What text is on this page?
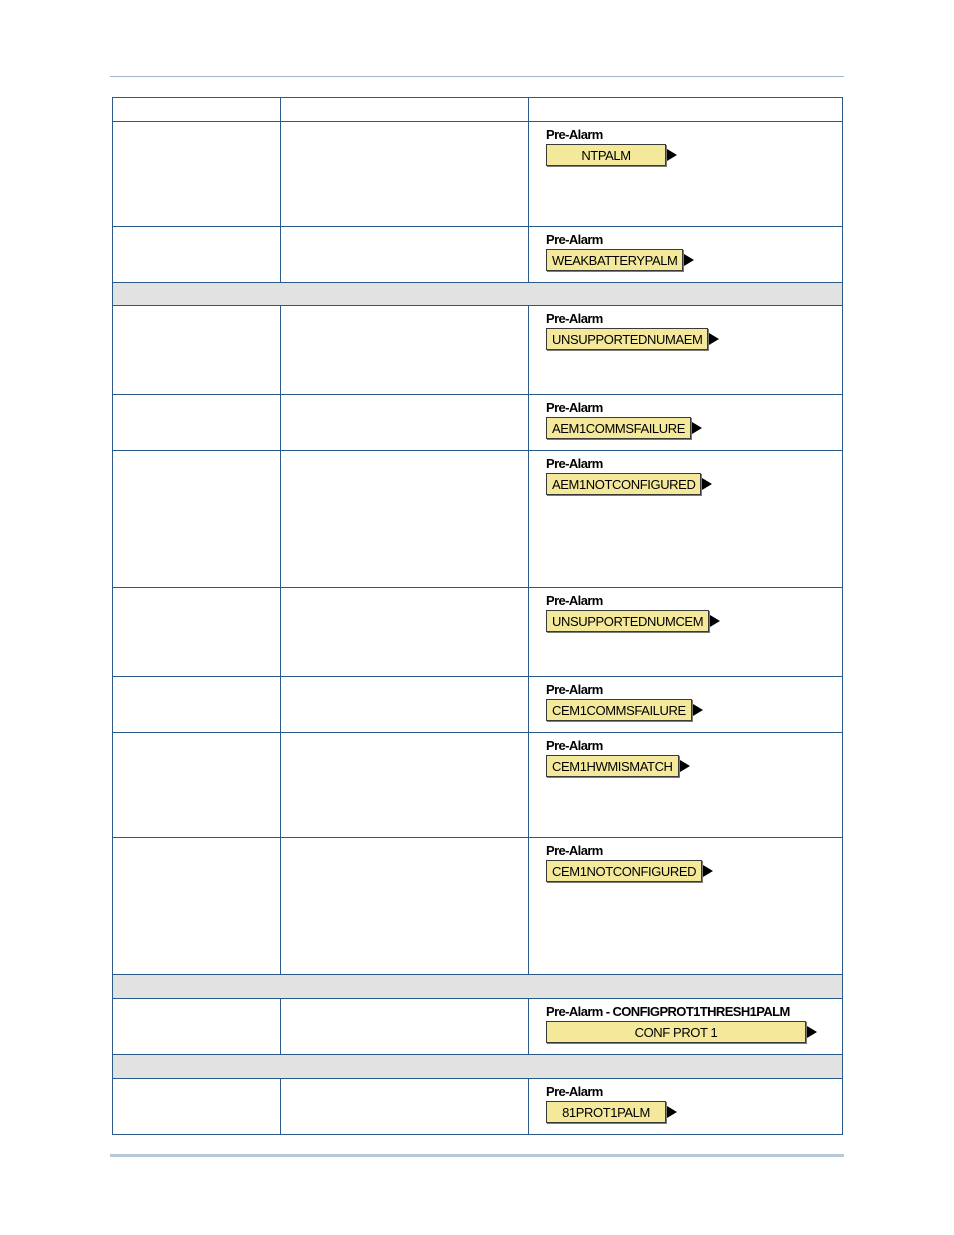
		Pre-Alarm
NTPALM

		Pre-Alarm
WEAKBATTERYPALM

		Pre-Alarm
UNSUPPORTEDNUMAEM

		Pre-Alarm
AEM1COMMSFAILURE

		Pre-Alarm
AEM1NOTCONFIGURED

		Pre-Alarm
UNSUPPORTEDNUMCEM

		Pre-Alarm
CEM1COMMSFAILURE

		Pre-Alarm
CEM1HWMISMATCH

		Pre-Alarm
CEM1NOTCONFIGURED

		Pre-Alarm - CONFIGPROT1THRESH1PALM
CONF PROT 1

		Pre-Alarm
81PROT1PALM
